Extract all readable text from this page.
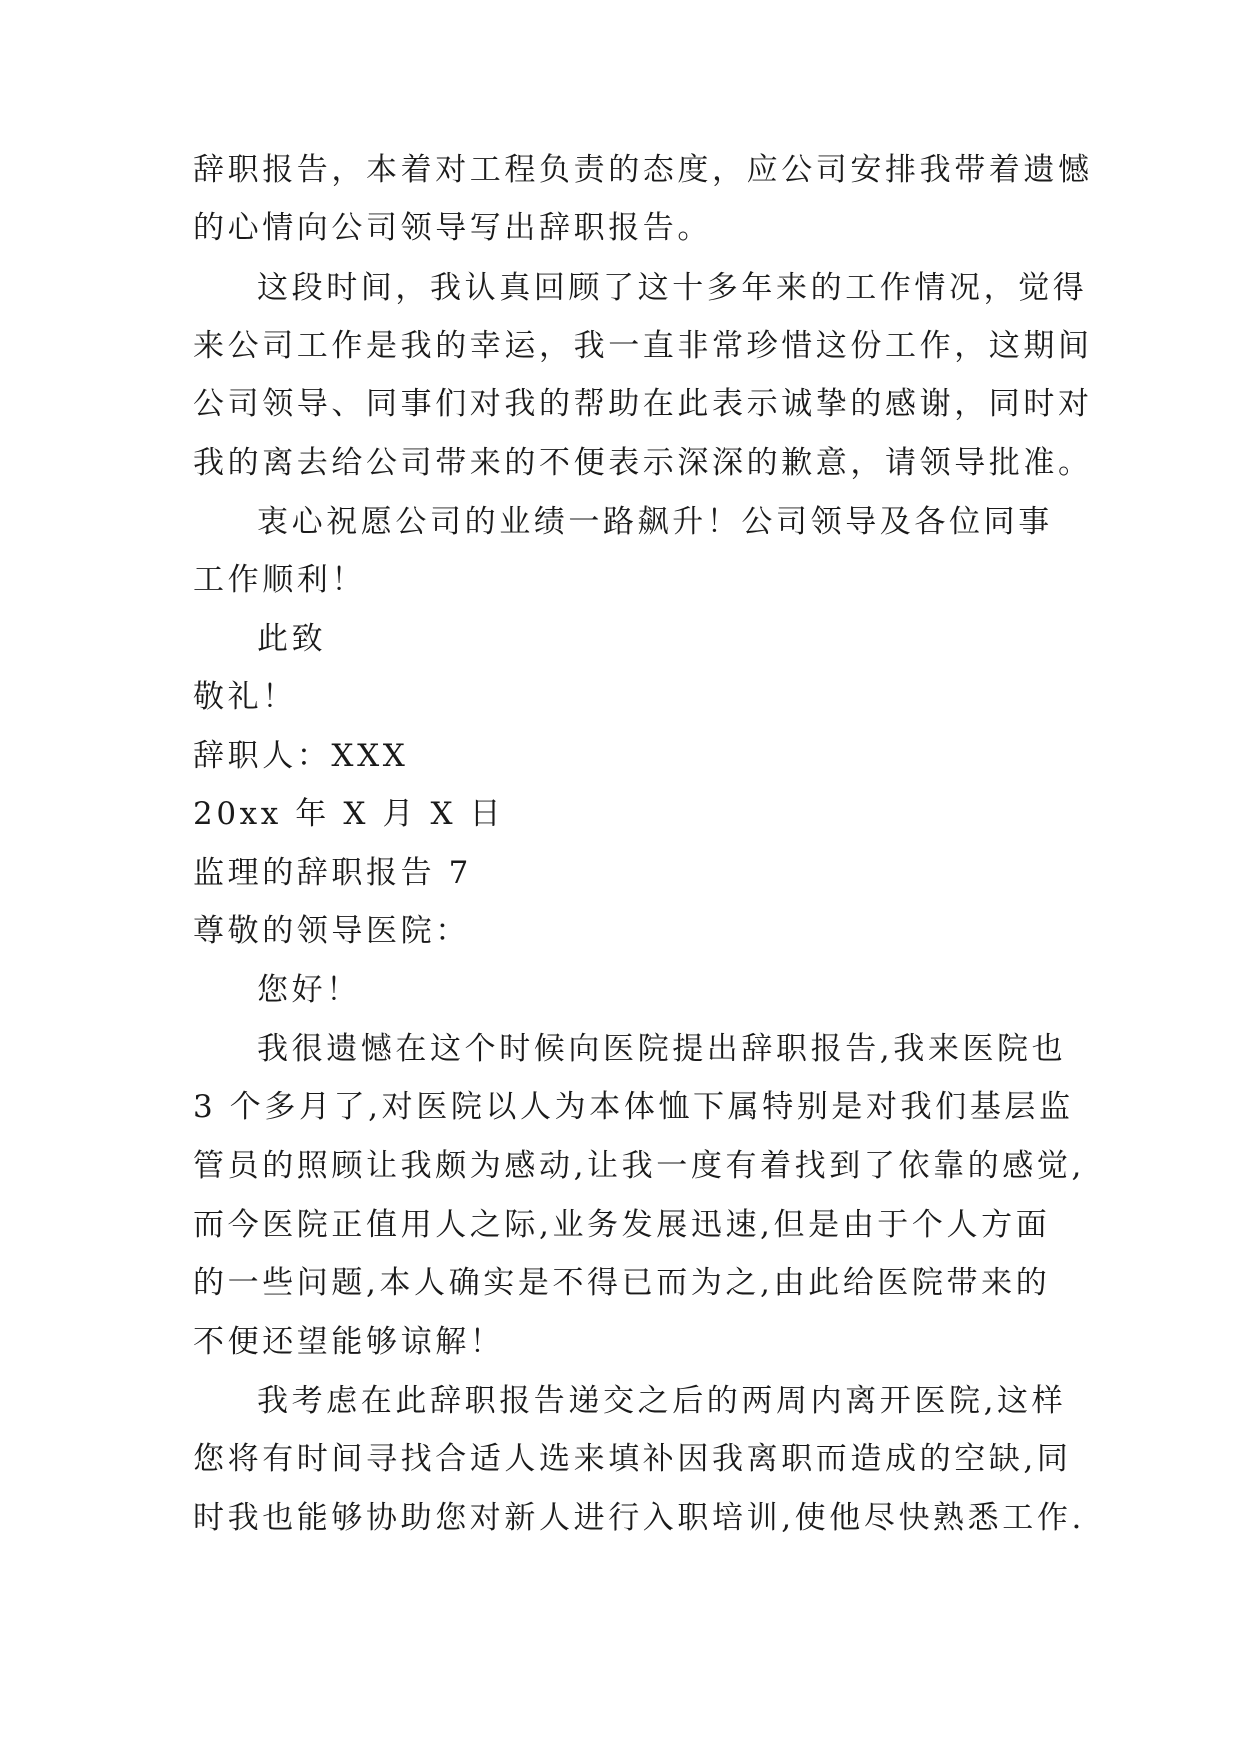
辞职报告，本着对工程负责的态度，应公司安排我带着遗憾
的心情向公司领导写出辞职报告。
这段时间，我认真回顾了这十多年来的工作情况，觉得
来公司工作是我的幸运，我一直非常珍惜这份工作，这期间
公司领导、同事们对我的帮助在此表示诚挚的感谢，同时对
我的离去给公司带来的不便表示深深的歉意，请领导批准。
衷心祝愿公司的业绩一路飙升！公司领导及各位同事
工作顺利！
此致
敬礼！
辞职人：XXX
20xx 年 X 月 X 日
监理的辞职报告 7
尊敬的领导医院：
您好！
我很遗憾在这个时候向医院提出辞职报告,我来医院也
3 个多月了,对医院以人为本体恤下属特别是对我们基层监
管员的照顾让我颇为感动,让我一度有着找到了依靠的感觉,
而今医院正值用人之际,业务发展迅速,但是由于个人方面
的一些问题,本人确实是不得已而为之,由此给医院带来的
不便还望能够谅解！
我考虑在此辞职报告递交之后的两周内离开医院,这样
您将有时间寻找合适人选来填补因我离职而造成的空缺,同
时我也能够协助您对新人进行入职培训,使他尽快熟悉工作.
